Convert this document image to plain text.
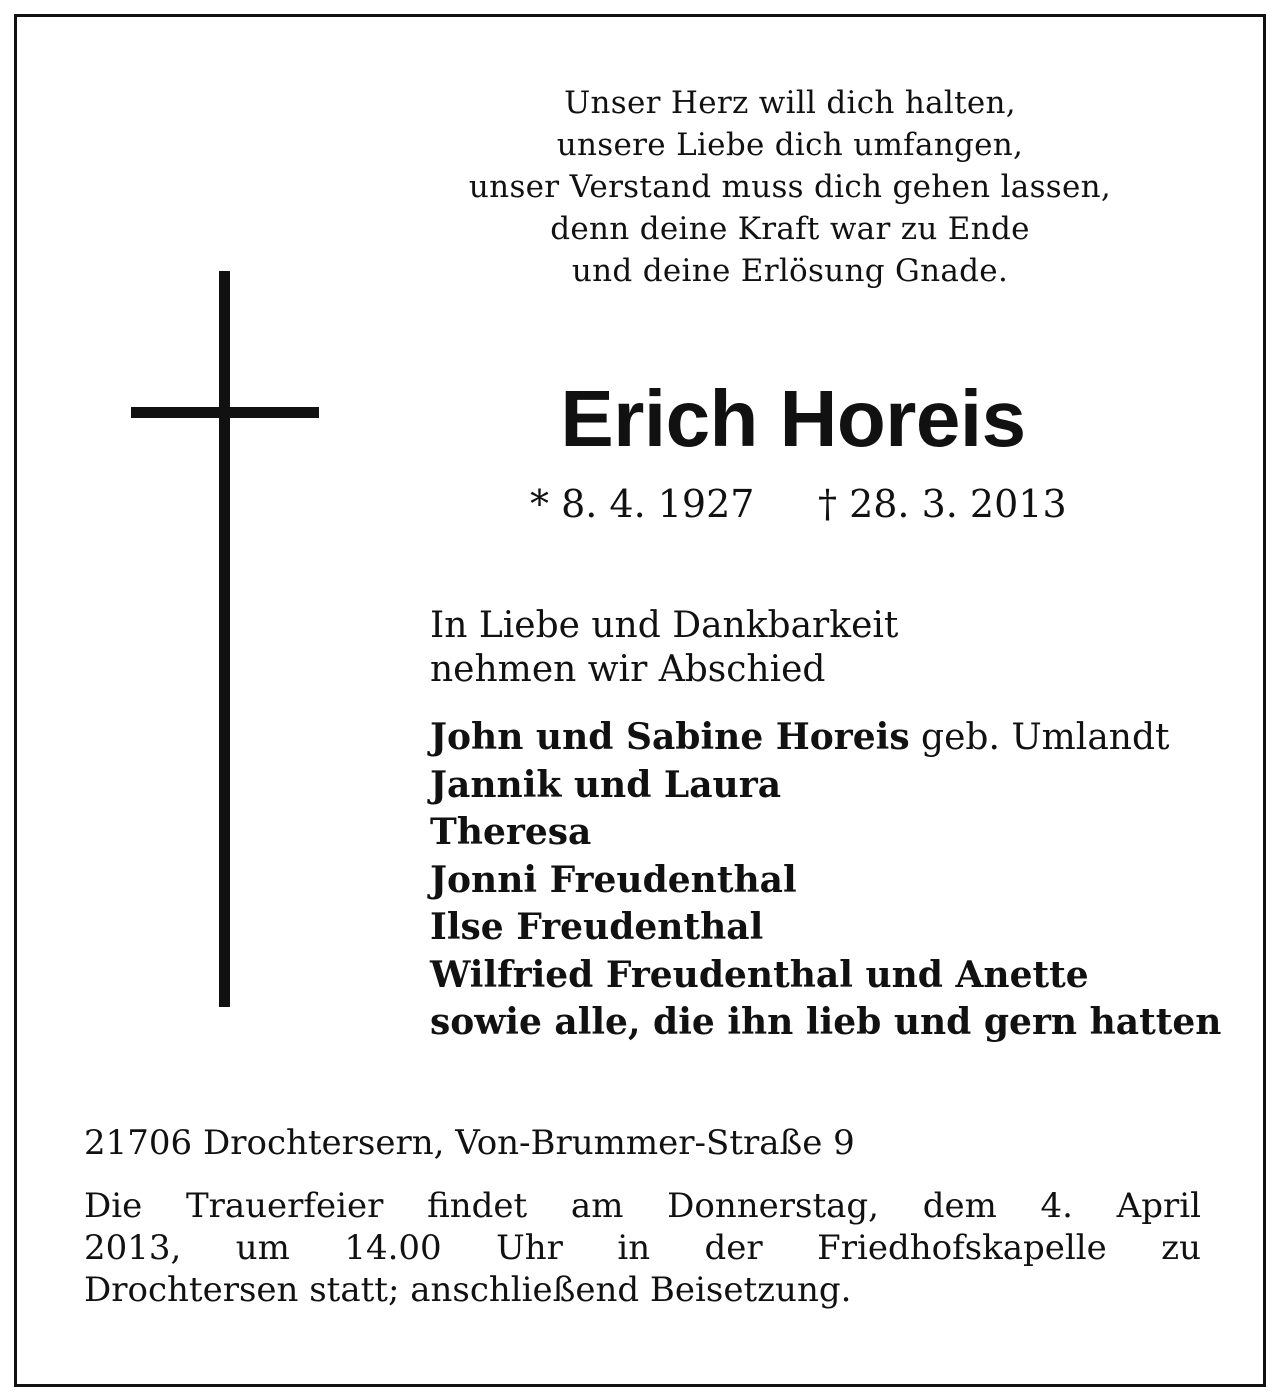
Unser Herz will dich halten,
unsere Liebe dich umfangen,
unser Verstand muss dich gehen lassen,
denn deine Kraft war zu Ende
und deine Erlösung Gnade.
Erich Horeis
* 8. 4. 1927 † 28. 3. 2013
In Liebe und Dankbarkeit
nehmen wir Abschied
John und Sabine Horeis geb. Umlandt
Jannik und Laura
Theresa
Jonni Freudenthal
Ilse Freudenthal
Wilfried Freudenthal und Anette
sowie alle, die ihn lieb und gern hatten
21706 Drochtersern, Von-Brummer-Straße 9
Die Trauerfeier findet am Donnerstag, dem 4. April
2013, um 14.00 Uhr in der Friedhofskapelle zu
Drochtersen statt; anschließend Beisetzung.
